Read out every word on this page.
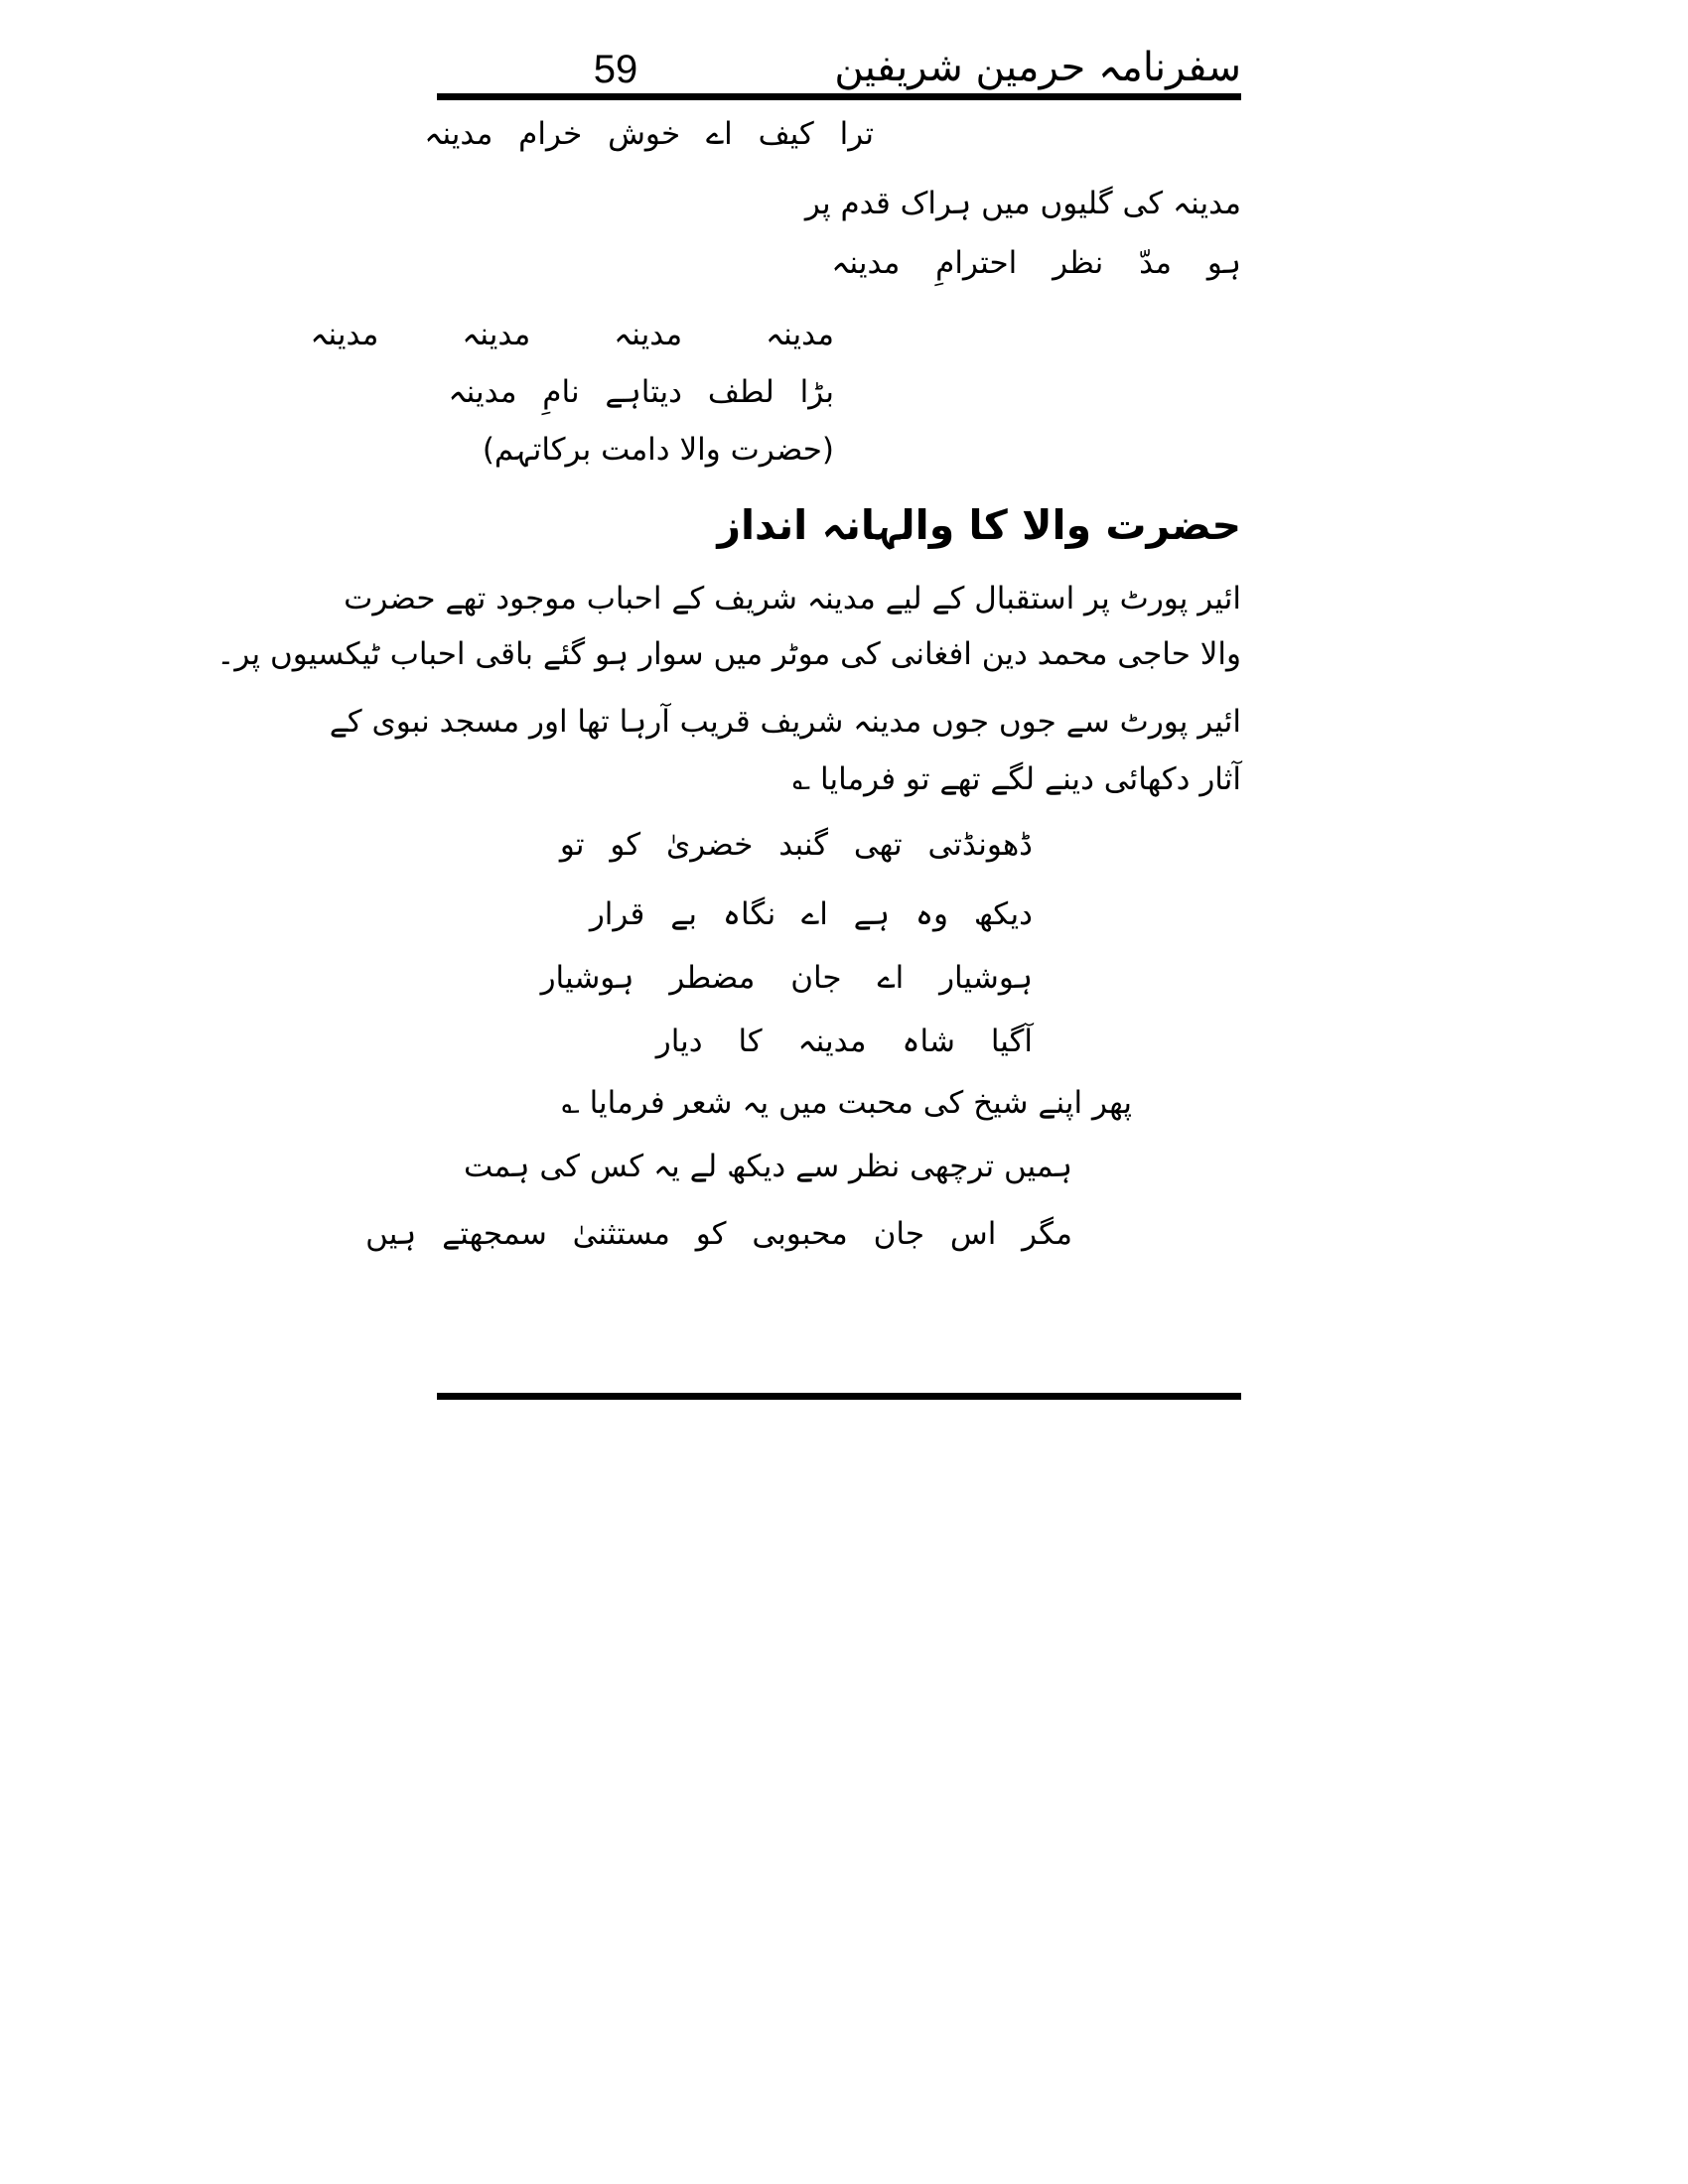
59	سفرنامہ حرمین شریفین
ترا کیف اے خوش خرام مدینہ
مدینہ کی گلیوں میں ہراک قدم پر
ہو مدّ نظر احترامِ مدینہ
مدینہ مدینہ مدینہ مدینہ
بڑا لطف دیتاہے نامِ مدینہ
(حضرت والا دامت برکاتہم)
حضرت والا کا والہانہ انداز
ائیر پورٹ پر استقبال کے لیے مدینہ شریف کے احباب موجود تھے حضرت
والا حاجی محمد دین افغانی کی موٹر میں سوار ہو گئے باقی احباب ٹیکسیوں پر۔
ائیر پورٹ سے جوں جوں مدینہ شریف قریب آرہا تھا اور مسجد نبوی کے
آثار دکھائی دینے لگے تھے تو فرمایا ؎
ڈھونڈتی تھی گنبد خضریٰ کو تو
دیکھ وہ ہے اے نگاہ بے قرار
ہوشیار اے جان مضطر ہوشیار
آگیا شاہ مدینہ کا دیار
پھر اپنے شیخ کی محبت میں یہ شعر فرمایا ؎
ہمیں ترچھی نظر سے دیکھ لے یہ کس کی ہمت
مگر اس جان محبوبی کو مستثنیٰ سمجھتے ہیں
